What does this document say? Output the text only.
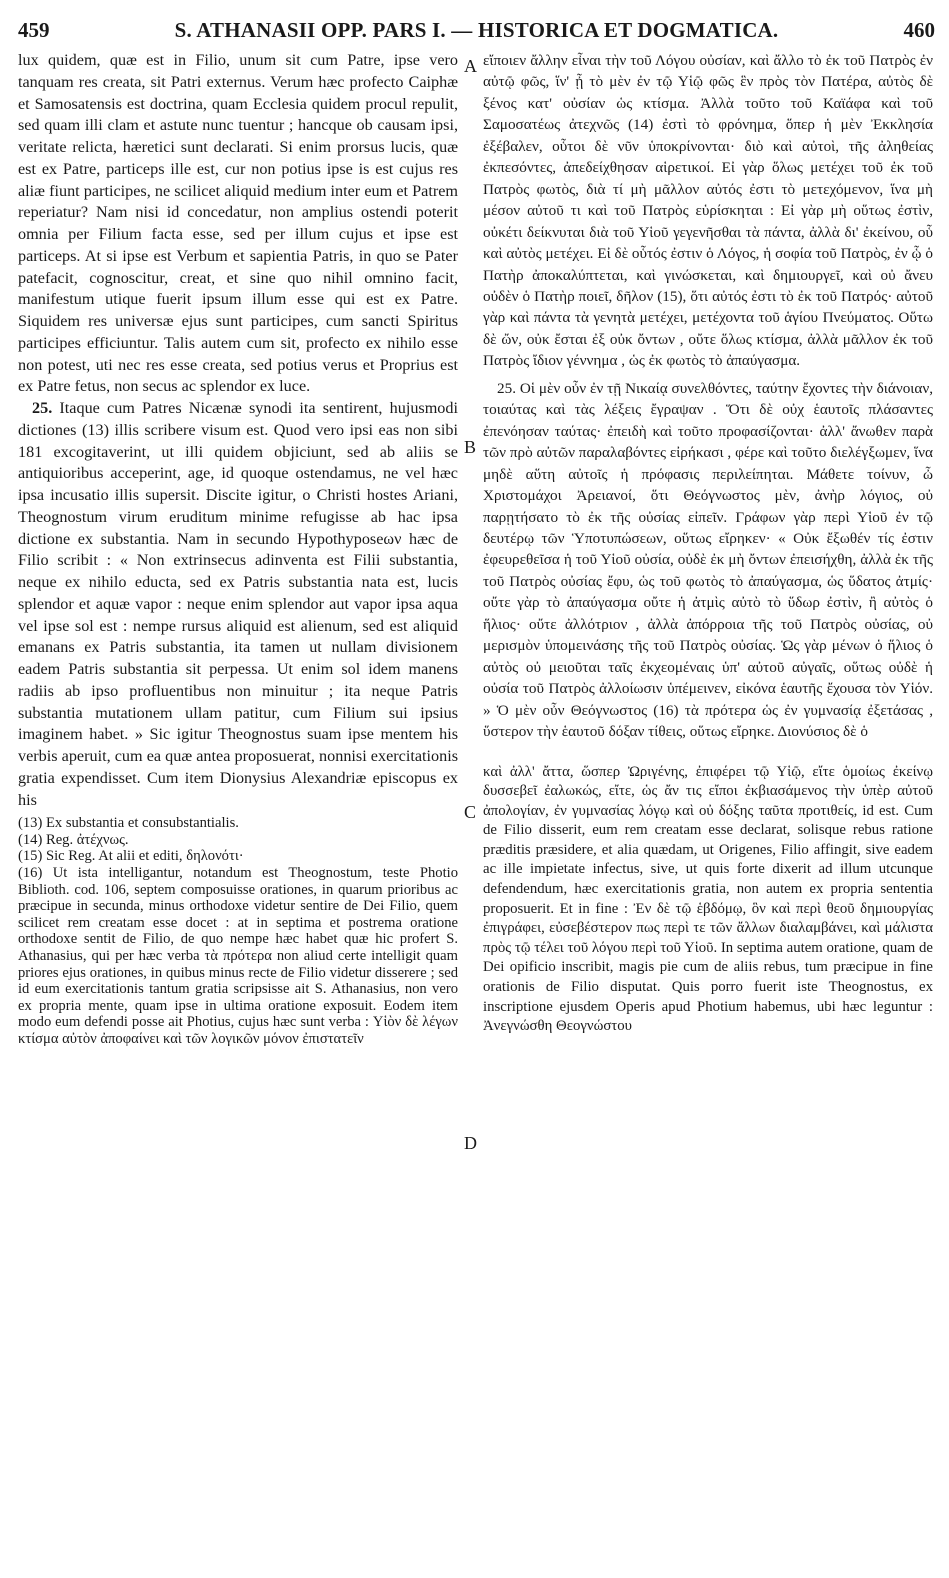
459	S. ATHANASII OPP. PARS I. — HISTORICA ET DOGMATICA.	460
A
B
C
D

lux quidem, quæ est in Filio, unum sit cum Patre, ipse vero tanquam res creata, sit Patri externus. Verum hæc profecto Caiphæ et Samosatensis est doctrina, quam Ecclesia quidem procul repulit, sed quam illi clam et astute nunc tuentur ; hancque ob causam ipsi, veritate relicta, hæretici sunt declarati. Si enim prorsus lucis, quæ est ex Patre, particeps ille est, cur non potius ipse is est cujus res aliæ fiunt participes, ne scilicet aliquid medium inter eum et Patrem reperiatur? Nam nisi id concedatur, non amplius ostendi poterit omnia per Filium facta esse, sed per illum cujus et ipse est particeps. At si ipse est Verbum et sapientia Patris, in quo se Pater patefacit, cognoscitur, creat, et sine quo nihil omnino facit, manifestum utique fuerit ipsum illum esse qui est ex Patre. Siquidem res universæ ejus sunt participes, cum sancti Spiritus participes efficiuntur. Talis autem cum sit, profecto ex nihilo esse non potest, uti nec res esse creata, sed potius verus et Proprius est ex Patre fetus, non secus ac splendor ex luce.

25. Itaque cum Patres Nicænæ synodi ita sentirent, hujusmodi dictiones (13) illis scribere visum est. Quod vero ipsi eas non sibi 181 excogitaverint, ut illi quidem objiciunt, sed ab aliis se antiquioribus acceperint, age, id quoque ostendamus, ne vel hæc ipsa incusatio illis supersit. Discite igitur, o Christi hostes Ariani, Theognostum virum eruditum minime refugisse ab hac ipsa dictione ex substantia. Nam in secundo Hypothyposeων hæc de Filio scribit : « Non extrinsecus adinventa est Filii substantia, neque ex nihilo educta, sed ex Patris substantia nata est, lucis splendor et aquæ vapor : neque enim splendor aut vapor ipsa aqua vel ipse sol est : nempe rursus aliquid est alienum, sed est aliquid emanans ex Patris substantia, ita tamen ut nullam divisionem eadem Patris substantia sit perpessa. Ut enim sol idem manens radiis ab ipso profluentibus non minuitur ; ita neque Patris substantia mutationem ullam patitur, cum Filium sui ipsius imaginem habet. » Sic igitur Theognostus suam ipse mentem his verbis aperuit, cum ea quæ antea proposuerat, nonnisi exercitationis gratia expendisset. Cum item Dionysius Alexandriæ episcopus ex his

(13) Ex substantia et consubstantialis.

(14) Reg. ἀτέχνως.

(15) Sic Reg. At alii et editi, δηλονότι·

(16) Ut ista intelligantur, notandum est Theognostum, teste Photio Biblioth. cod. 106, septem composuisse orationes, in quarum prioribus ac præcipue in secunda, minus orthodoxe videtur sentire de Dei Filio, quem scilicet rem creatam esse docet : at in septima et postrema oratione orthodoxe sentit de Filio, de quo nempe hæc habet quæ hic profert S. Athanasius, qui per hæc verba τὰ πρότερα non aliud certe intelligit quam priores ejus orationes, in quibus minus recte de Filio videtur disserere ; sed id eum exercitationis tantum gratia scripsisse ait S. Athanasius, non vero ex propria mente, quam ipse in ultima oratione exposuit. Eodem item modo eum defendi posse ait Photius, cujus hæc sunt verba : Υἱὸν δὲ λέγων κτίσμα αὐτὸν ἀποφαίνει καὶ τῶν λογικῶν μόνον ἐπιστατεῖν

εἴποιεν ἄλλην εἶναι τὴν τοῦ Λόγου οὐσίαν, καὶ ἄλλο τὸ ἐκ τοῦ Πατρὸς ἐν αὐτῷ φῶς, ἵν' ᾖ τὸ μὲν ἐν τῷ Υἱῷ φῶς ἓν πρὸς τὸν Πατέρα, αὐτὸς δὲ ξένος κατ' οὐσίαν ὡς κτίσμα. Ἀλλὰ τοῦτο τοῦ Καϊάφα καὶ τοῦ Σαμοσατέως ἀτεχνῶς (14) ἐστὶ τὸ φρόνημα, ὅπερ ἡ μὲν Ἐκκλησία ἐξέβαλεν, οὗτοι δὲ νῦν ὑποκρίνονται· διὸ καὶ αὐτοὶ, τῆς ἀληθείας ἐκπεσόντες, ἀπεδείχθησαν αἱρετικοί. Εἰ γὰρ ὅλως μετέχει τοῦ ἐκ τοῦ Πατρὸς φωτὸς, διὰ τί μὴ μᾶλλον αὐτός ἐστι τὸ μετεχόμενον, ἵνα μὴ μέσον αὐτοῦ τι καὶ τοῦ Πατρὸς εὑρίσκηται : Εἰ γὰρ μὴ οὕτως ἐστὶν, οὐκέτι δείκνυται διὰ τοῦ Υἱοῦ γεγενῆσθαι τὰ πάντα, ἀλλὰ δι' ἐκείνου, οὗ καὶ αὐτὸς μετέχει. Εἰ δὲ οὗτός ἐστιν ὁ Λόγος, ἡ σοφία τοῦ Πατρὸς, ἐν ᾧ ὁ Πατὴρ ἀποκαλύπτεται, καὶ γινώσκεται, καὶ δημιουργεῖ, καὶ οὐ ἄνευ οὐδὲν ὁ Πατὴρ ποιεῖ, δῆλον (15), ὅτι αὐτός ἐστι τὸ ἐκ τοῦ Πατρός· αὐτοῦ γὰρ καὶ πάντα τὰ γενητὰ μετέχει, μετέχοντα τοῦ ἁγίου Πνεύματος. Οὕτω δὲ ὤν, οὐκ ἔσται ἐξ οὐκ ὄντων , οὔτε ὅλως κτίσμα, ἀλλὰ μᾶλλον ἐκ τοῦ Πατρὸς ἴδιον γέννημα , ὡς ἐκ φωτὸς τὸ ἀπαύγασμα.

25. Οἱ μὲν οὖν ἐν τῇ Νικαίᾳ συνελθόντες, ταύτην ἔχοντες τὴν διάνοιαν, τοιαύτας καὶ τὰς λέξεις ἔγραψαν . Ὅτι δὲ οὐχ ἑαυτοῖς πλάσαντες ἐπενόησαν ταύτας· ἐπειδὴ καὶ τοῦτο προφασίζονται· ἀλλ' ἄνωθεν παρὰ τῶν πρὸ αὐτῶν παραλαβόντες εἰρήκασι , φέρε καὶ τοῦτο διελέγξωμεν, ἵνα μηδὲ αὕτη αὐτοῖς ἡ πρόφασις περιλείπηται. Μάθετε τοίνυν, ὦ Χριστομάχοι Ἀρειανοί, ὅτι Θεόγνωστος μὲν, ἀνὴρ λόγιος, οὐ παρῃτήσατο τὸ ἐκ τῆς οὐσίας εἰπεῖν. Γράφων γὰρ περὶ Υἱοῦ ἐν τῷ δευτέρῳ τῶν Ὑποτυπώσεων, οὕτως εἴρηκεν· « Οὐκ ἔξωθέν τίς ἐστιν ἐφευρεθεῖσα ἡ τοῦ Υἱοῦ οὐσία, οὐδὲ ἐκ μὴ ὄντων ἐπεισήχθη, ἀλλὰ ἐκ τῆς τοῦ Πατρὸς οὐσίας ἔφυ, ὡς τοῦ φωτὸς τὸ ἀπαύγασμα, ὡς ὕδατος ἀτμίς· οὔτε γὰρ τὸ ἀπαύγασμα οὔτε ἡ ἀτμὶς αὐτὸ τὸ ὕδωρ ἐστὶν, ἢ αὐτὸς ὁ ἥλιος· οὔτε ἀλλότριον , ἀλλὰ ἀπόρροια τῆς τοῦ Πατρὸς οὐσίας, οὐ μερισμὸν ὑπομεινάσης τῆς τοῦ Πατρὸς οὐσίας. Ὡς γὰρ μένων ὁ ἥλιος ὁ αὐτὸς οὐ μειοῦται ταῖς ἐκχεομέναις ὑπ' αὐτοῦ αὐγαῖς, οὕτως οὐδὲ ἡ οὐσία τοῦ Πατρὸς ἀλλοίωσιν ὑπέμεινεν, εἰκόνα ἑαυτῆς ἔχουσα τὸν Υἱόν. » Ὁ μὲν οὖν Θεόγνωστος (16) τὰ πρότερα ὡς ἐν γυμνασίᾳ ἐξετάσας , ὕστερον τὴν ἑαυτοῦ δόξαν τίθεις, οὕτως εἴρηκε. Διονύσιος δὲ ὁ

καὶ ἀλλ' ἄττα, ὥσπερ Ὠριγένης, ἐπιφέρει τῷ Υἱῷ, εἴτε ὁμοίως ἐκείνῳ δυσσεβεῖ ἐαλωκώς, εἴτε, ὡς ἄν τις εἴποι ἐκβιασάμενος τὴν ὑπὲρ αὐτοῦ ἀπολογίαν, ἐν γυμνασίας λόγῳ καὶ οὐ δόξης ταῦτα προτιθείς, id est. Cum de Filio disserit, eum rem creatam esse declarat, solisque rebus ratione præditis præsidere, et alia quædam, ut Origenes, Filio affingit, sive eadem ac ille impietate infectus, sive, ut quis forte dixerit ad illum utcunque defendendum, hæc exercitationis gratia, non autem ex propria sententia proposuerit. Et in fine : Ἐν δὲ τῷ ἑβδόμῳ, ὃν καὶ περὶ θεοῦ δημιουργίας ἐπιγράφει, εὐσεβέστερον πως περὶ τε τῶν ἄλλων διαλαμβάνει, καὶ μάλιστα πρὸς τῷ τέλει τοῦ λόγου περὶ τοῦ Υἱοῦ. In septima autem oratione, quam de Dei opificio inscribit, magis pie cum de aliis rebus, tum præcipue in fine orationis de Filio disputat. Quis porro fuerit iste Theognostus, ex inscriptione ejusdem Operis apud Photium habemus, ubi hæc leguntur : Ἀνεγνώσθη Θεογνώστου
